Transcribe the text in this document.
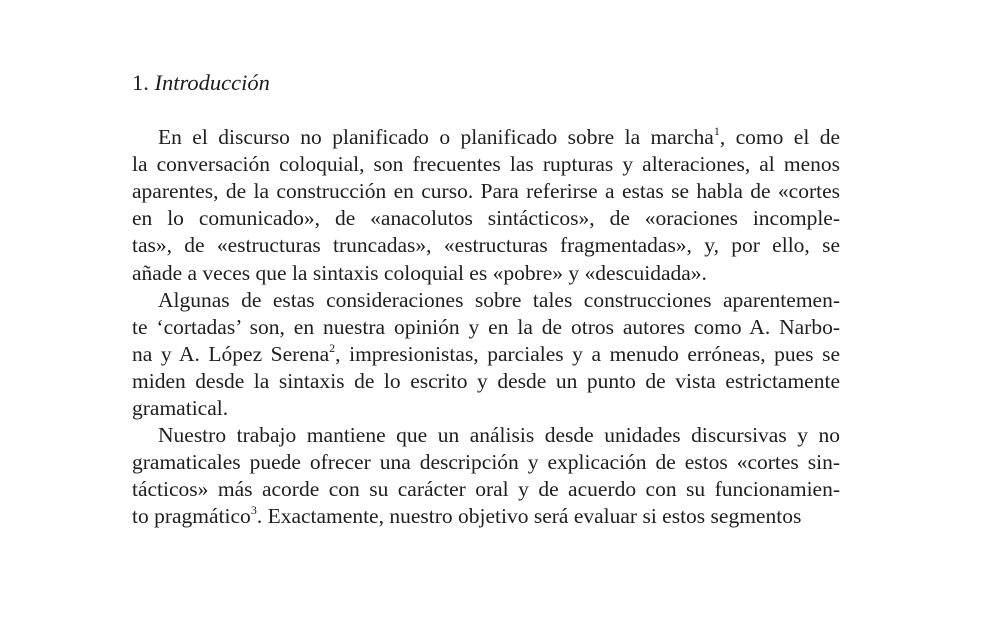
1. Introducción
En el discurso no planificado o planificado sobre la marcha$^1$, como el de
la conversación coloquial, son frecuentes las rupturas y alteraciones, al menos
aparentes, de la construcción en curso. Para referirse a estas se habla de «cortes
en lo comunicado», de «anacolutos sintácticos», de «oraciones incomple-
tas», de «estructuras truncadas», «estructuras fragmentadas», y, por ello, se
añade a veces que la sintaxis coloquial es «pobre» y «descuidada».
Algunas de estas consideraciones sobre tales construcciones aparentemen-
te ‘cortadas’ son, en nuestra opinión y en la de otros autores como A. Narbo-
na y A. López Serena$^2$, impresionistas, parciales y a menudo erróneas, pues se
miden desde la sintaxis de lo escrito y desde un punto de vista estrictamente
gramatical.
Nuestro trabajo mantiene que un análisis desde unidades discursivas y no
gramaticales puede ofrecer una descripción y explicación de estos «cortes sin-
tácticos» más acorde con su carácter oral y de acuerdo con su funcionamien-
to pragmático$^3$. Exactamente, nuestro objetivo será evaluar si estos segmentos
